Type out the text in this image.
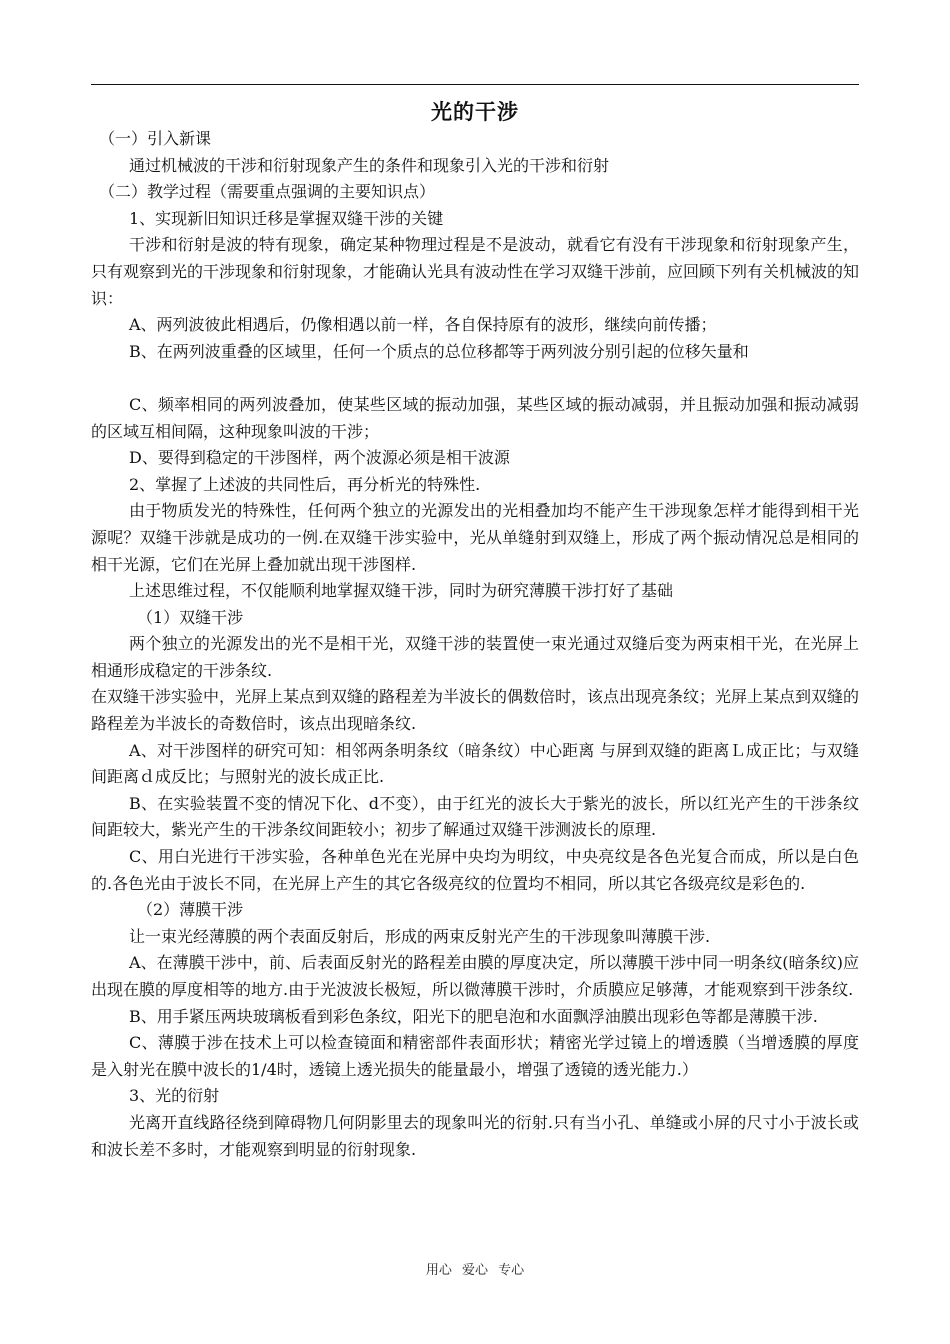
光的干涉

（一）引入新课

通过机械波的干涉和衍射现象产生的条件和现象引入光的干涉和衍射

（二）教学过程（需要重点强调的主要知识点）

1、实现新旧知识迁移是掌握双缝干涉的关键

干涉和衍射是波的特有现象，确定某种物理过程是不是波动，就看它有没有干涉现象和衍射现象产生，只有观察到光的干涉现象和衍射现象，才能确认光具有波动性在学习双缝干涉前，应回顾下列有关机械波的知识：

A、两列波彼此相遇后，仍像相遇以前一样，各自保持原有的波形，继续向前传播；

B、在两列波重叠的区域里，任何一个质点的总位移都等于两列波分别引起的位移矢量和

C、频率相同的两列波叠加，使某些区域的振动加强，某些区域的振动减弱，并且振动加强和振动减弱的区域互相间隔，这种现象叫波的干涉；

D、要得到稳定的干涉图样，两个波源必须是相干波源

2、掌握了上述波的共同性后，再分析光的特殊性.

由于物质发光的特殊性，任何两个独立的光源发出的光相叠加均不能产生干涉现象怎样才能得到相干光源呢？双缝干涉就是成功的一例.在双缝干涉实验中，光从单缝射到双缝上，形成了两个振动情况总是相同的相干光源，它们在光屏上叠加就出现干涉图样.

上述思维过程，不仅能顺利地掌握双缝干涉，同时为研究薄膜干涉打好了基础

（1）双缝干涉

两个独立的光源发出的光不是相干光，双缝干涉的装置使一束光通过双缝后变为两束相干光，在光屏上相通形成稳定的干涉条纹.

在双缝干涉实验中，光屏上某点到双缝的路程差为半波长的偶数倍时，该点出现亮条纹；光屏上某点到双缝的路程差为半波长的奇数倍时，该点出现暗条纹.

A、对干涉图样的研究可知：相邻两条明条纹（暗条纹）中心距离 与屏到双缝的距离Ｌ成正比；与双缝间距离ｄ成反比；与照射光的波长成正比.

B、在实验装置不变的情况下化、d不变），由于红光的波长大于紫光的波长，所以红光产生的干涉条纹间距较大，紫光产生的干涉条纹间距较小；初步了解通过双缝干涉测波长的原理.

C、用白光进行干涉实验，各种单色光在光屏中央均为明纹，中央亮纹是各色光复合而成，所以是白色的.各色光由于波长不同，在光屏上产生的其它各级亮纹的位置均不相同，所以其它各级亮纹是彩色的.

（2）薄膜干涉

让一束光经薄膜的两个表面反射后，形成的两束反射光产生的干涉现象叫薄膜干涉.

A、在薄膜干涉中，前、后表面反射光的路程差由膜的厚度决定，所以薄膜干涉中同一明条纹(暗条纹)应出现在膜的厚度相等的地方.由于光波波长极短，所以微薄膜干涉时，介质膜应足够薄，才能观察到干涉条纹.

B、用手紧压两块玻璃板看到彩色条纹，阳光下的肥皂泡和水面飘浮油膜出现彩色等都是薄膜干涉.

C、薄膜于涉在技术上可以检查镜面和精密部件表面形状；精密光学过镜上的增透膜（当增透膜的厚度是入射光在膜中波长的1/4时，透镜上透光损失的能量最小，增强了透镜的透光能力.）

3、光的衍射

光离开直线路径绕到障碍物几何阴影里去的现象叫光的衍射.只有当小孔、单缝或小屏的尺寸小于波长或和波长差不多时，才能观察到明显的衍射现象.

用心 爱心 专心
